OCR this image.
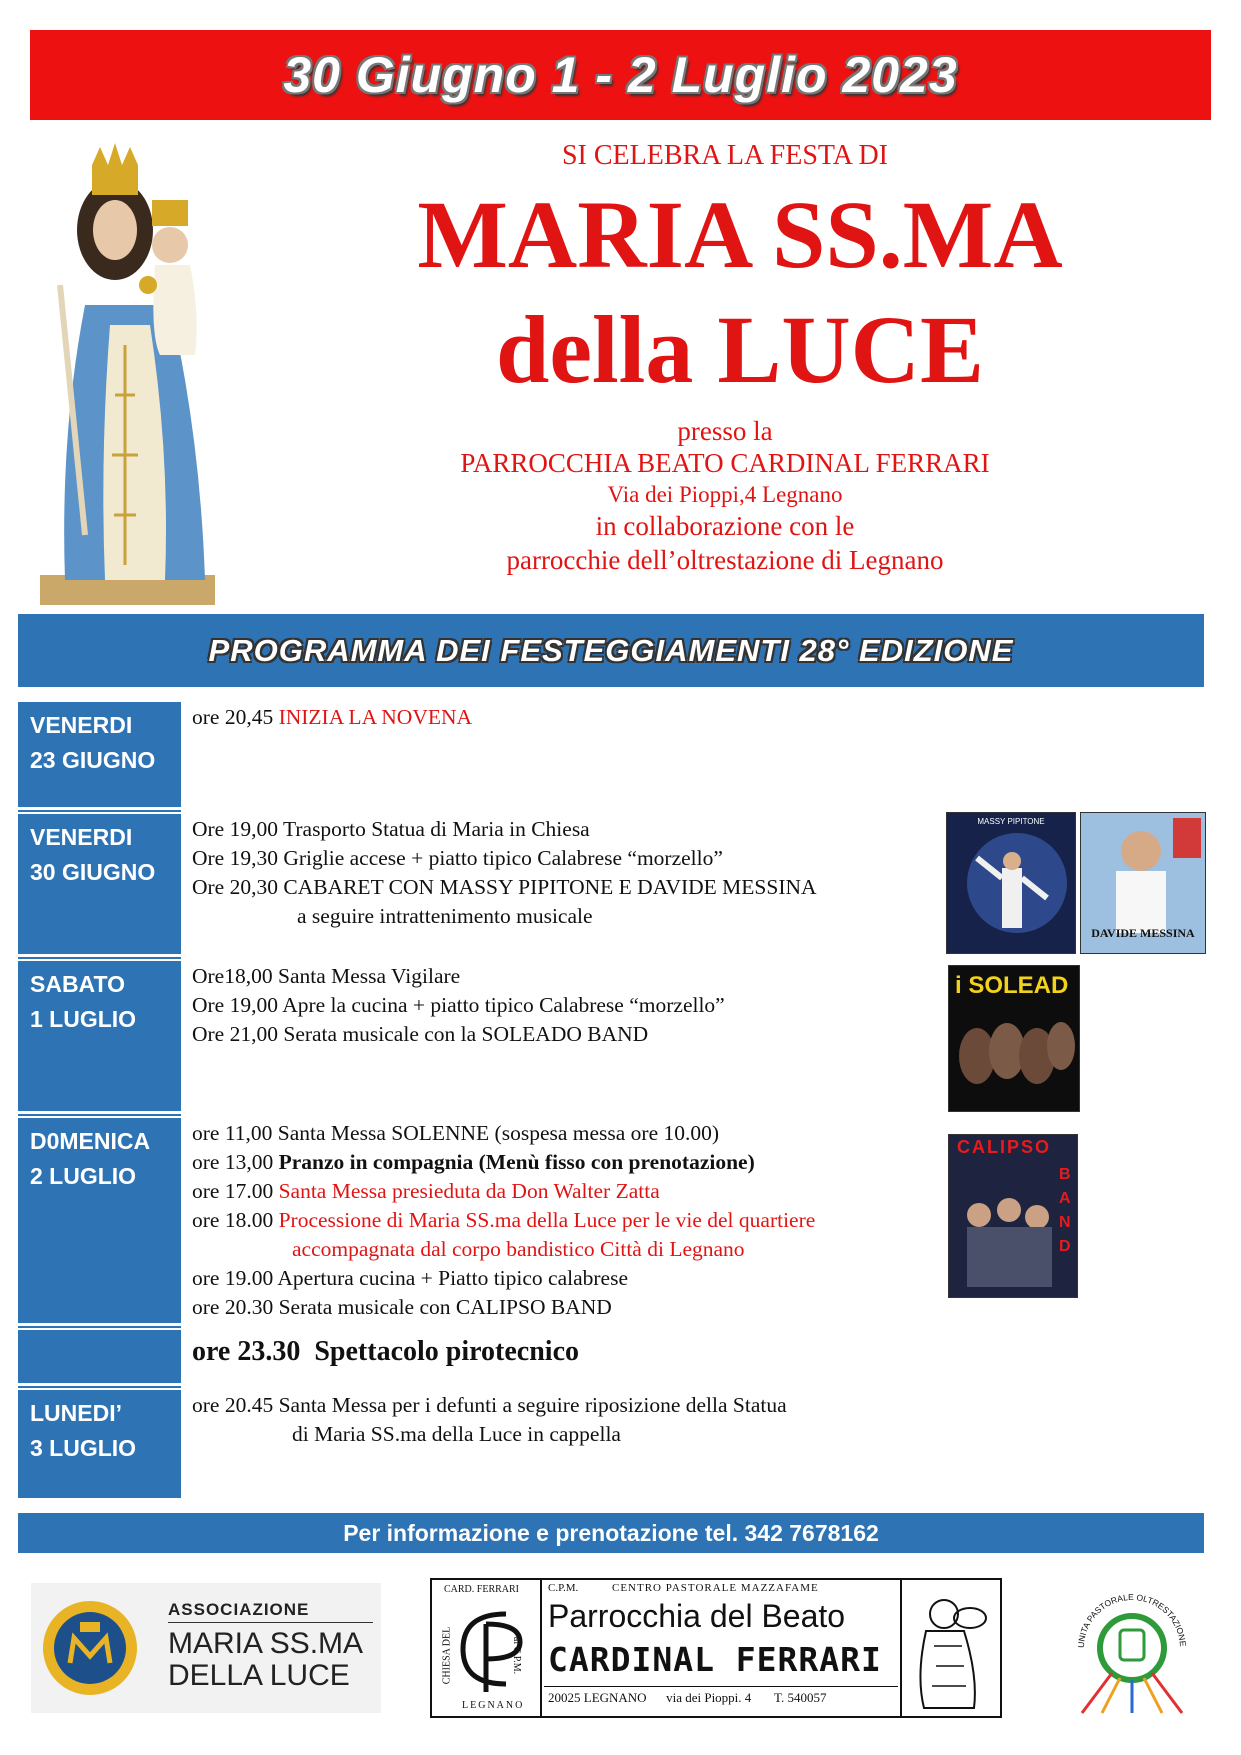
30 Giugno 1 - 2 Luglio 2023
SI CELEBRA LA FESTA DI
MARIA SS.MA
della LUCE
presso la
PARROCCHIA BEATO CARDINAL FERRARI
Via dei Pioppi,4 Legnano
in collaborazione con le
parrocchie dell’oltrestazione di Legnano
PROGRAMMA DEI FESTEGGIAMENTI 28° EDIZIONE
VENERDI
23 GIUGNO
ore 20,45 INIZIA LA NOVENA
VENERDI
30 GIUGNO
Ore 19,00 Trasporto Statua di Maria in Chiesa
Ore 19,30 Griglie accese + piatto tipico Calabrese “morzello”
Ore 20,30 CABARET CON MASSY PIPITONE E DAVIDE MESSINA
a seguire intrattenimento musicale
MASSY PIPITONE
DAVIDE MESSINA
SABATO
1 LUGLIO
Ore18,00 Santa Messa Vigilare
Ore 19,00 Apre la cucina + piatto tipico Calabrese “morzello”
Ore 21,00 Serata musicale con la SOLEADO BAND
i SOLEAD
D0MENICA
2 LUGLIO
ore 11,00 Santa Messa SOLENNE (sospesa messa ore 10.00)
ore 13,00 Pranzo in compagnia (Menù fisso con prenotazione)
ore 17.00 Santa Messa presieduta da Don Walter Zatta
ore 18.00 Processione di Maria SS.ma della Luce per le vie del quartiere
accompagnata dal corpo bandistico Città di Legnano
ore 19.00 Apertura cucina + Piatto tipico calabrese
ore 20.30 Serata musicale con CALIPSO BAND
CALIPSO
BAND
ore 23.30  Spettacolo pirotecnico
LUNEDI’
3 LUGLIO
ore 20.45 Santa Messa per i defunti a seguire riposizione della Statua
di Maria SS.ma della Luce in cappella
Per informazione e prenotazione tel. 342 7678162
ASSOCIAZIONE
MARIA SS.MA
DELLA LUCE
CARD. FERRARI
CHIESA DEL	al C.P.M.
LEGNANO
C.P.M.	CENTRO PASTORALE MAZZAFAME
Parrocchia del Beato
CARDINAL FERRARI
20025 LEGNANO via dei Pioppi. 4 T. 540057
UNITA PASTORALE OLTRESTAZIONE
